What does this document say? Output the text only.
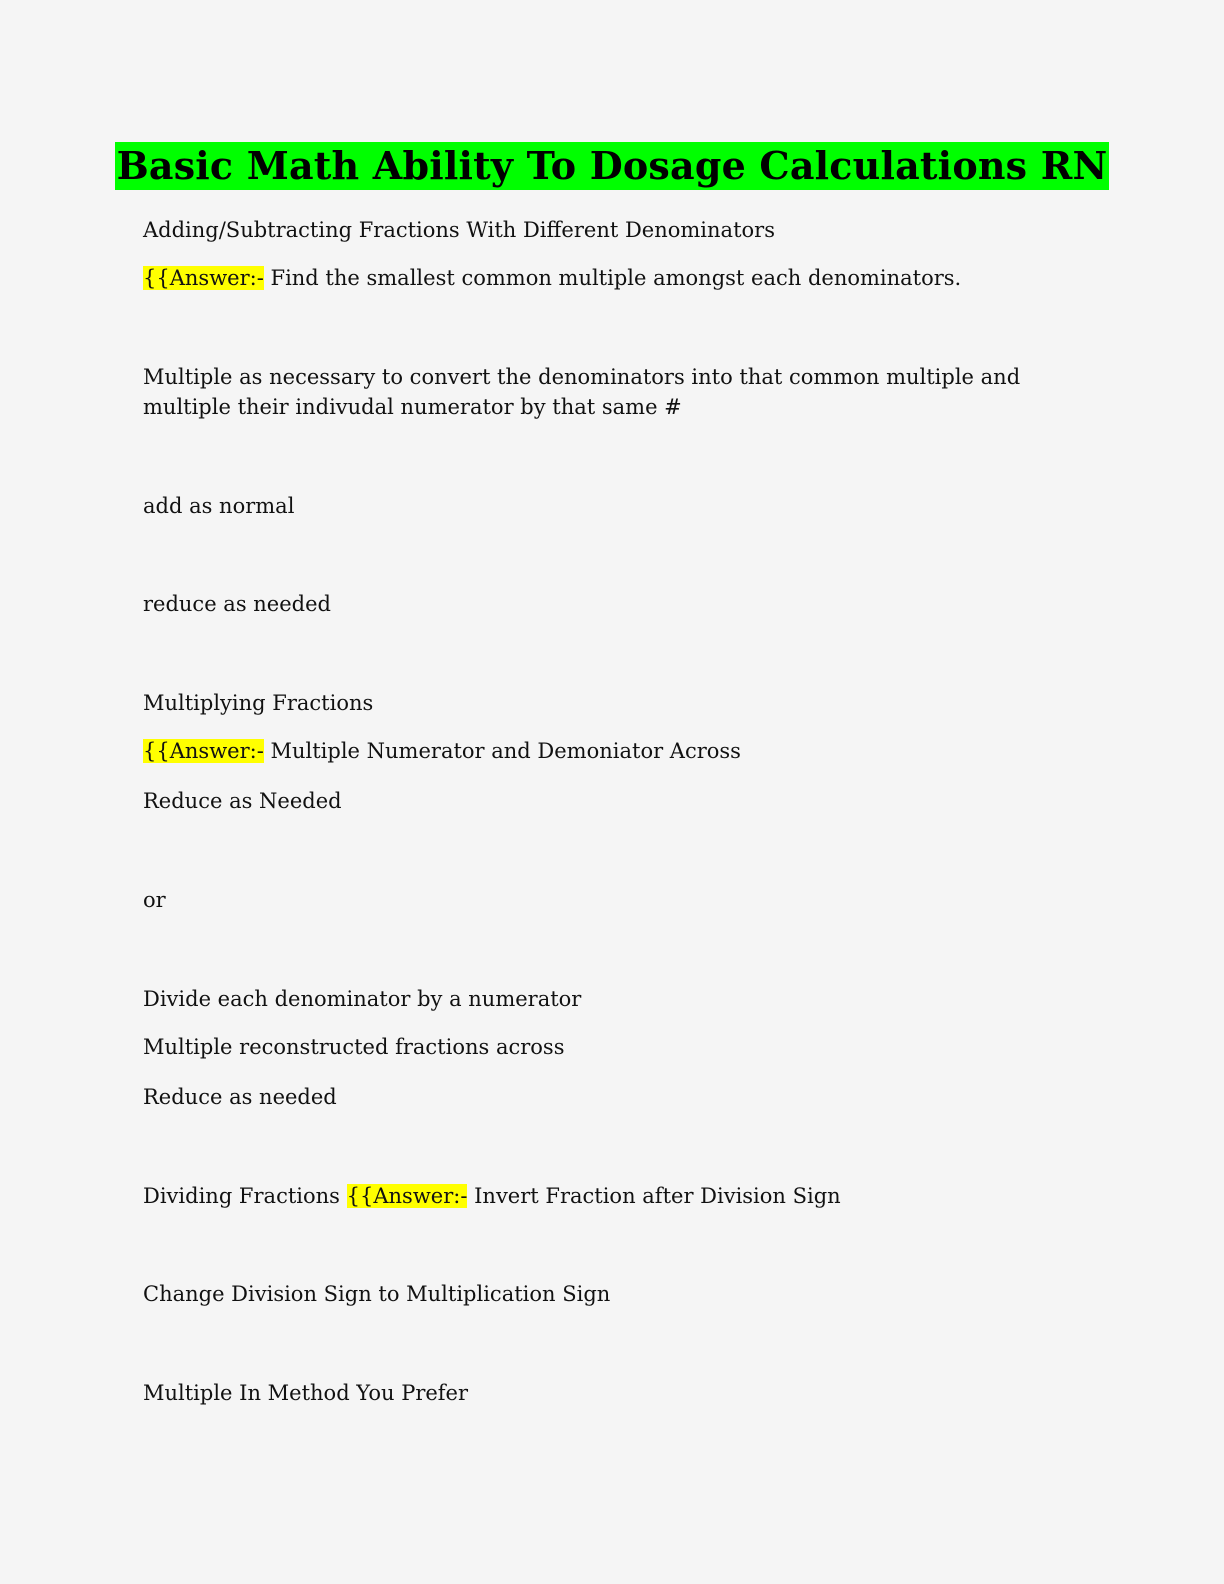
Basic Math Ability To Dosage Calculations RN
Adding/Subtracting Fractions With Different Denominators
{{Answer:- Find the smallest common multiple amongst each denominators.
Multiple as necessary to convert the denominators into that common multiple and multiple their indivudal numerator by that same #
add as normal
reduce as needed
Multiplying Fractions
{{Answer:- Multiple Numerator and Demoniator Across
Reduce as Needed
or
Divide each denominator by a numerator
Multiple reconstructed fractions across
Reduce as needed
Dividing Fractions {{Answer:- Invert Fraction after Division Sign
Change Division Sign to Multiplication Sign
Multiple In Method You Prefer
